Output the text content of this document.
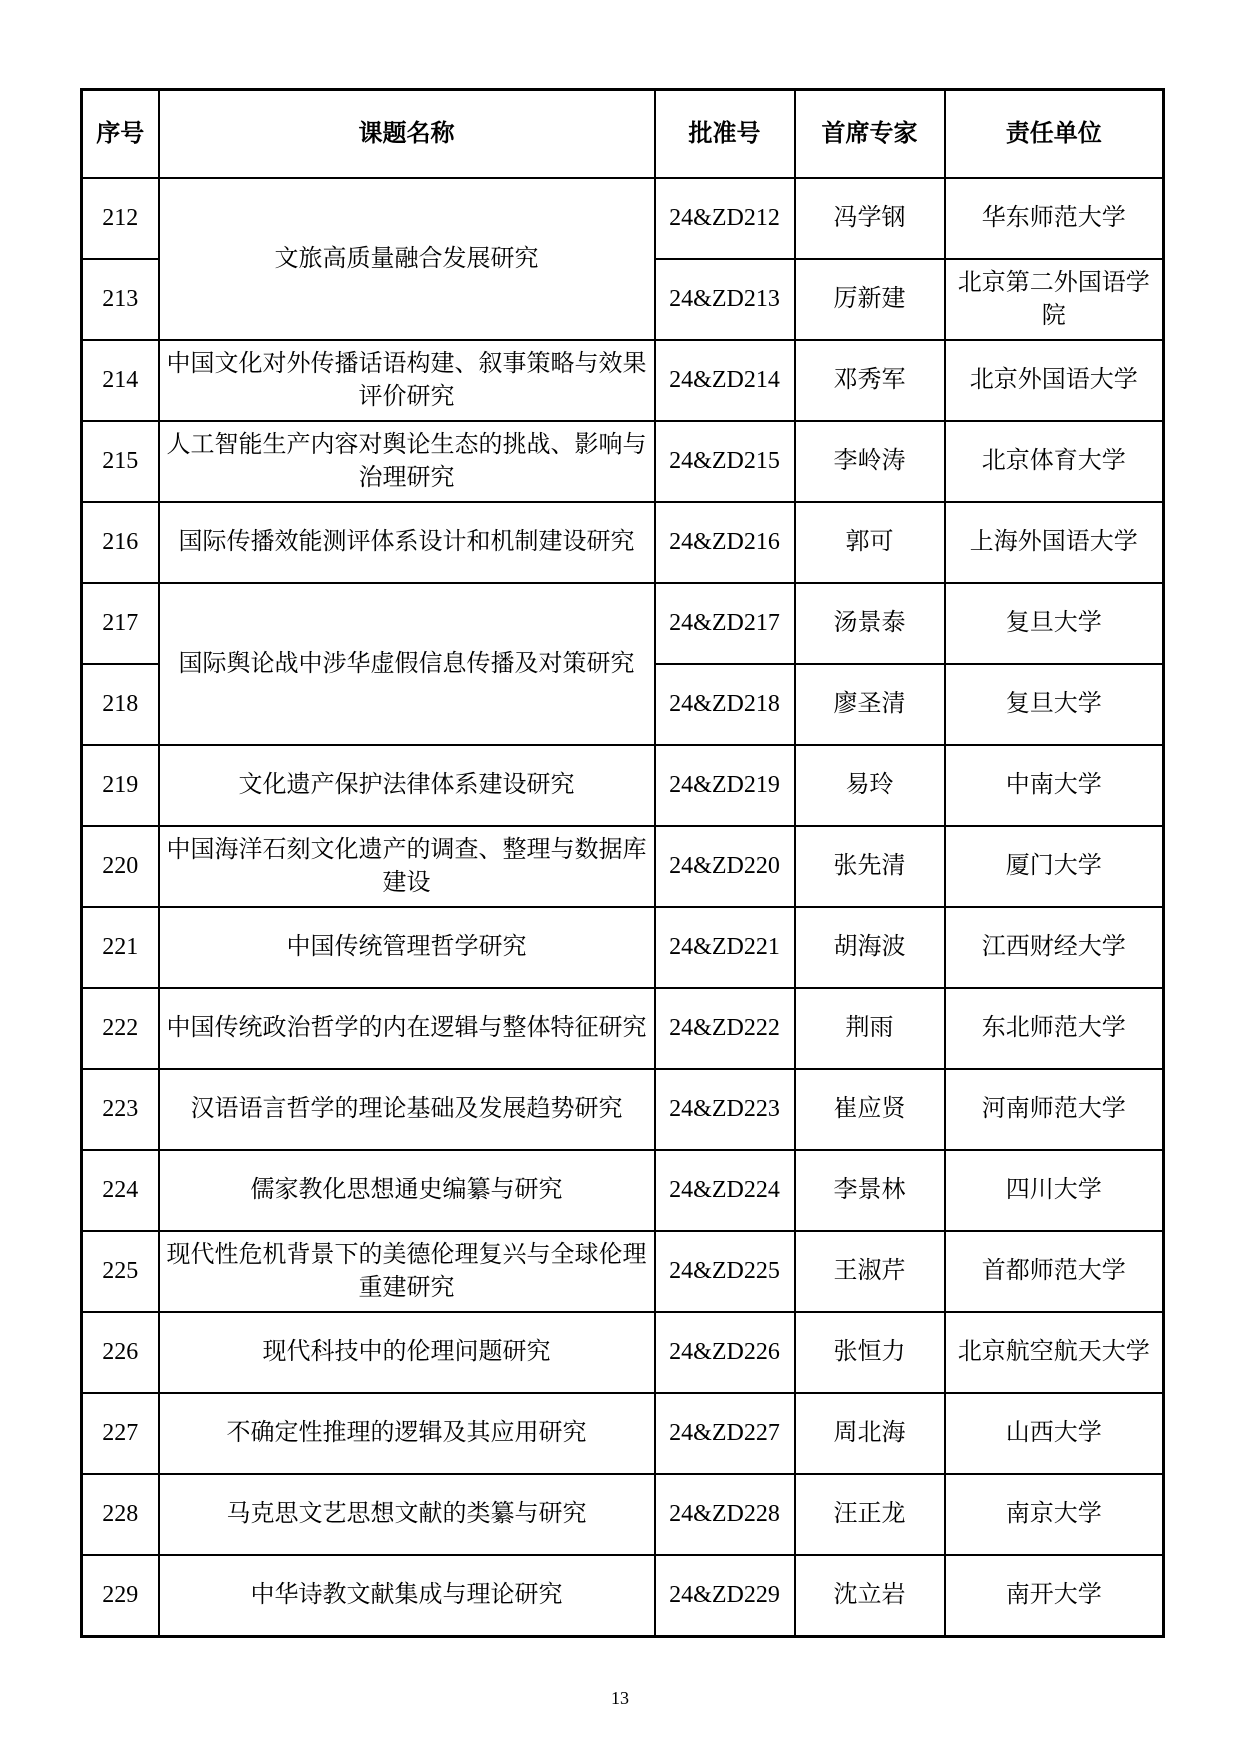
序号	课题名称	批准号	首席专家	责任单位
212	文旅高质量融合发展研究	24&ZD212	冯学钢	华东师范大学
213		24&ZD213	厉新建	北京第二外国语学院
214	中国文化对外传播话语构建、叙事策略与效果评价研究	24&ZD214	邓秀军	北京外国语大学
215	人工智能生产内容对舆论生态的挑战、影响与治理研究	24&ZD215	李岭涛	北京体育大学
216	国际传播效能测评体系设计和机制建设研究	24&ZD216	郭可	上海外国语大学
217	国际舆论战中涉华虚假信息传播及对策研究	24&ZD217	汤景泰	复旦大学
218		24&ZD218	廖圣清	复旦大学
219	文化遗产保护法律体系建设研究	24&ZD219	易玲	中南大学
220	中国海洋石刻文化遗产的调查、整理与数据库建设	24&ZD220	张先清	厦门大学
221	中国传统管理哲学研究	24&ZD221	胡海波	江西财经大学
222	中国传统政治哲学的内在逻辑与整体特征研究	24&ZD222	荆雨	东北师范大学
223	汉语语言哲学的理论基础及发展趋势研究	24&ZD223	崔应贤	河南师范大学
224	儒家教化思想通史编纂与研究	24&ZD224	李景林	四川大学
225	现代性危机背景下的美德伦理复兴与全球伦理重建研究	24&ZD225	王淑芹	首都师范大学
226	现代科技中的伦理问题研究	24&ZD226	张恒力	北京航空航天大学
227	不确定性推理的逻辑及其应用研究	24&ZD227	周北海	山西大学
228	马克思文艺思想文献的类纂与研究	24&ZD228	汪正龙	南京大学
229	中华诗教文献集成与理论研究	24&ZD229	沈立岩	南开大学
13
